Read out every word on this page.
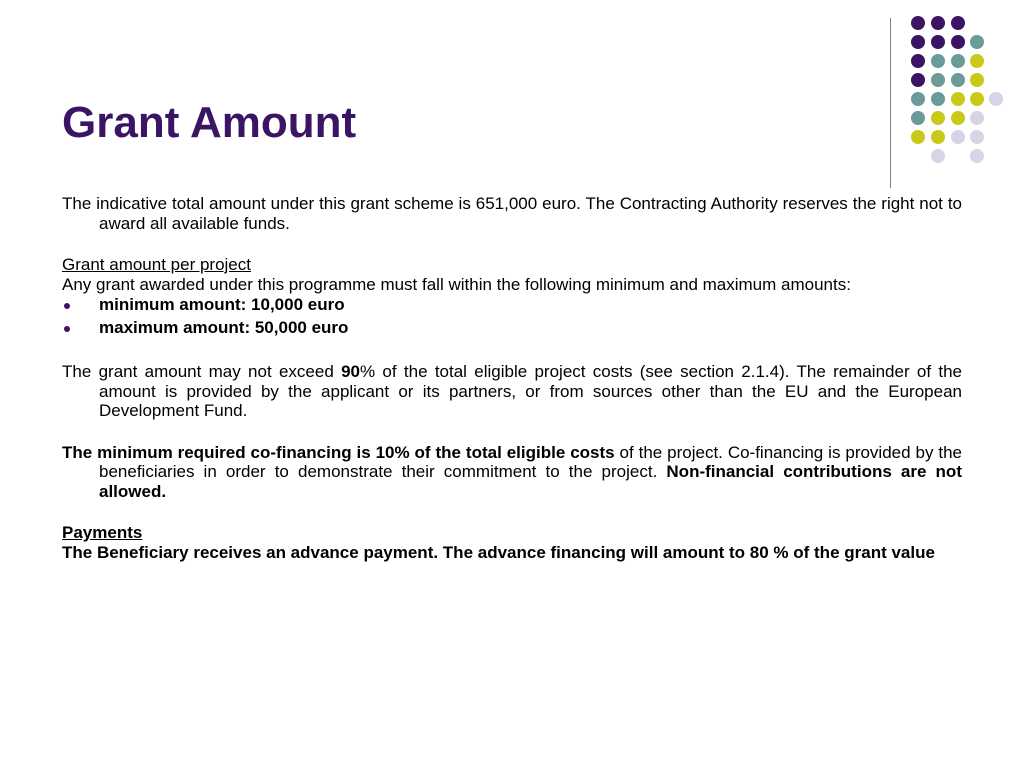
Grant Amount

The indicative total amount under this grant scheme is 651,000 euro. The Contracting Authority reserves the right not to award all available funds.

Grant amount per project

Any grant awarded under this programme must fall within the following minimum and maximum amounts:

minimum amount: 10,000 euro
maximum amount: 50,000 euro

The grant amount may not exceed 90% of the total eligible project costs (see section 2.1.4). The remainder of the amount is provided by the applicant or its partners, or from sources other than the EU and the European Development Fund.

The minimum required co-financing is 10% of the total eligible costs of the project. Co-financing is provided by the beneficiaries in order to demonstrate their commitment to the project. Non-financial contributions are not allowed.

Payments

The Beneficiary receives an advance payment. The advance financing will amount to 80 % of the grant value
